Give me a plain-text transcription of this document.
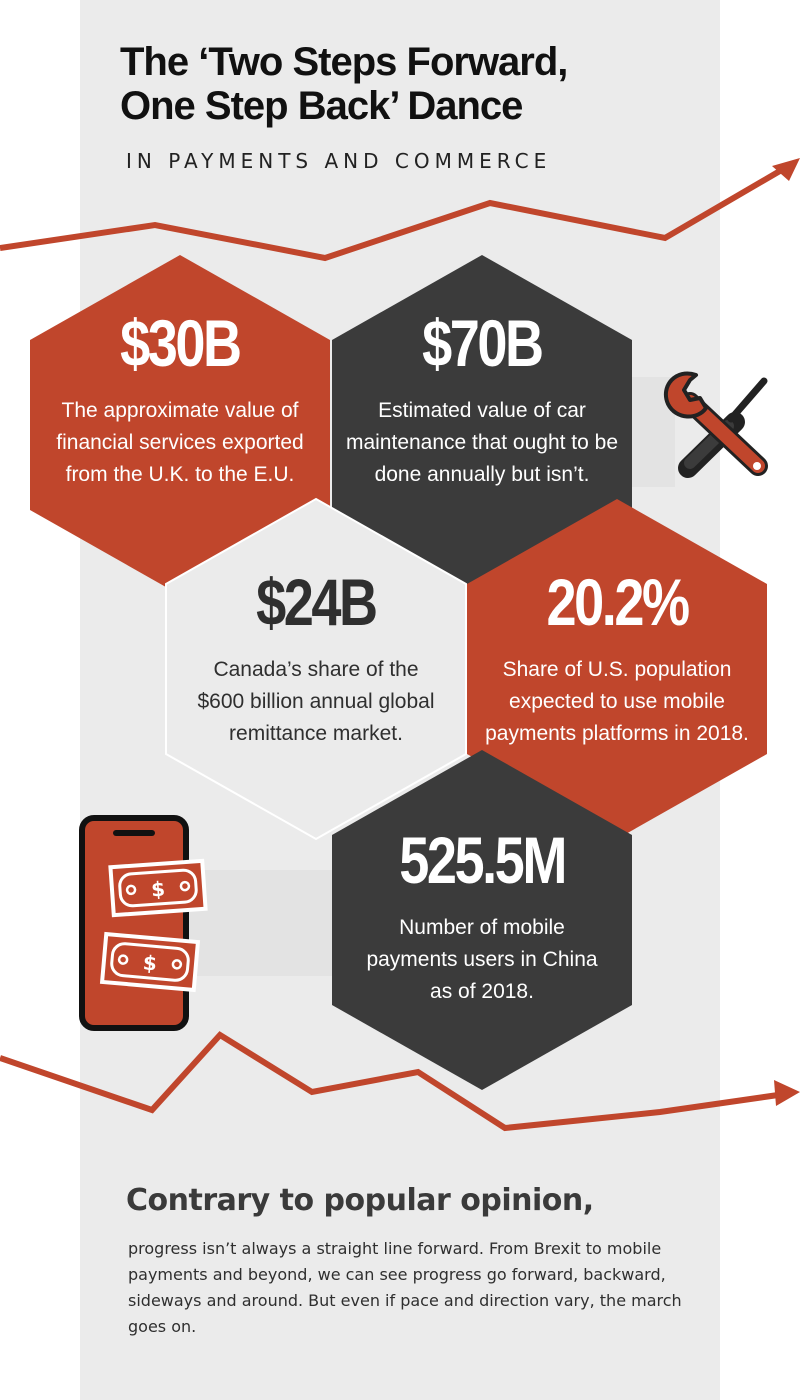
The ‘Two Steps Forward,
One Step Back’ Dance

IN PAYMENTS AND COMMERCE

$
$
$30B
The approximate value of
financial services exported
from the U.K. to the E.U.
$70B
Estimated value of car
maintenance that ought to be
done annually but isn’t.
$24B
Canada’s share of the
$600 billion annual global
remittance market.
20.2%
Share of U.S. population
expected to use mobile
payments platforms in 2018.
525.5M
Number of mobile
payments users in China
as of 2018.
Contrary to popular opinion,

progress isn’t always a straight line forward. From Brexit to mobile payments and beyond, we can see progress go forward, backward, sideways and around. But even if pace and direction vary, the march goes on.
